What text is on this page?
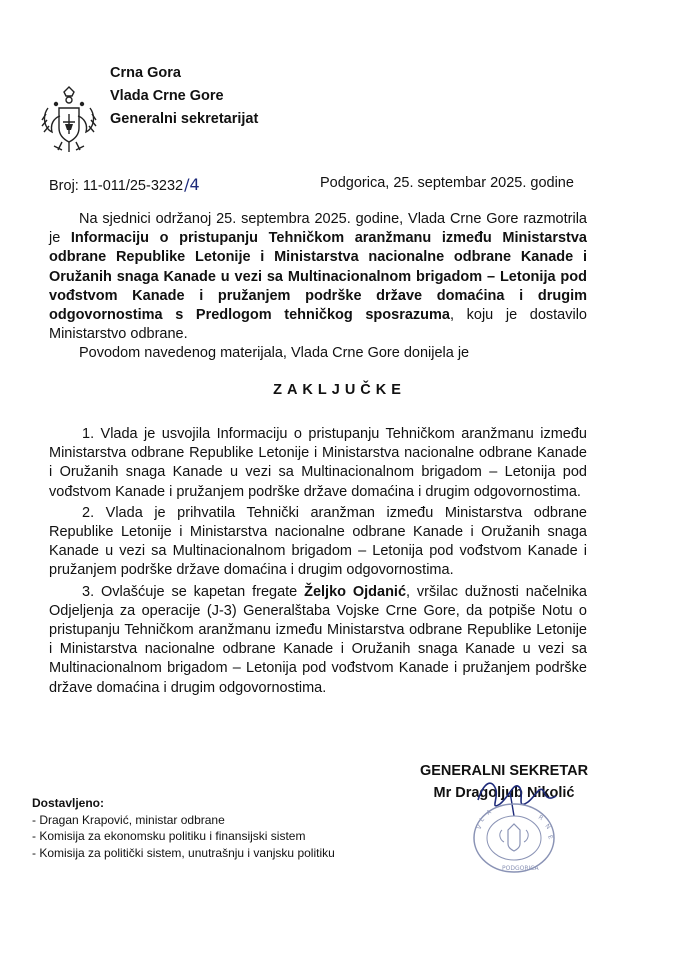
Crna Gora
Vlada Crne Gore
Generalni sekretarijat
Broj: 11-011/25-3232/4	Podgorica, 25. septembar 2025. godine

Na sjednici održanoj 25. septembra 2025. godine, Vlada Crne Gore razmotrila je Informaciju o pristupanju Tehničkom aranžmanu između Ministarstva odbrane Republike Letonije i Ministarstva nacionalne odbrane Kanade i Oružanih snaga Kanade u vezi sa Multinacionalnom brigadom – Letonija pod vođstvom Kanade i pružanjem podrške države domaćina i drugim odgovornostima s Predlogom tehničkog sposrazuma, koju je dostavilo Ministarstvo odbrane.

Povodom navedenog materijala, Vlada Crne Gore donijela je

ZAKLJUČKE

1. Vlada je usvojila Informaciju o pristupanju Tehničkom aranžmanu između Ministarstva odbrane Republike Letonije i Ministarstva nacionalne odbrane Kanade i Oružanih snaga Kanade u vezi sa Multinacionalnom brigadom – Letonija pod vođstvom Kanade i pružanjem podrške države domaćina i drugim odgovornostima.

2. Vlada je prihvatila Tehnički aranžman između Ministarstva odbrane Republike Letonije i Ministarstva nacionalne odbrane Kanade i Oružanih snaga Kanade u vezi sa Multinacionalnom brigadom – Letonija pod vođstvom Kanade i pružanjem podrške države domaćina i drugim odgovornostima.

3. Ovlašćuje se kapetan fregate Željko Ojdanić, vršilac dužnosti načelnika Odjeljenja za operacije (J-3) Generalštaba Vojske Crne Gore, da potpiše Notu o pristupanju Tehničkom aranžmanu između Ministarstva odbrane Republike Letonije i Ministarstva nacionalne odbrane Kanade i Oružanih snaga Kanade u vezi sa Multinacionalnom brigadom – Letonija pod vođstvom Kanade i pružanjem podrške države domaćina i drugim odgovornostima.

GENERALNI SEKRETAR
Mr Dragoljub Nikolić
V
L
A
R
N
E
PODGORICA
Dostavljeno:
- Dragan Krapović, ministar odbrane
- Komisija za ekonomsku politiku i finansijski sistem
- Komisija za politički sistem, unutrašnju i vanjsku politiku
